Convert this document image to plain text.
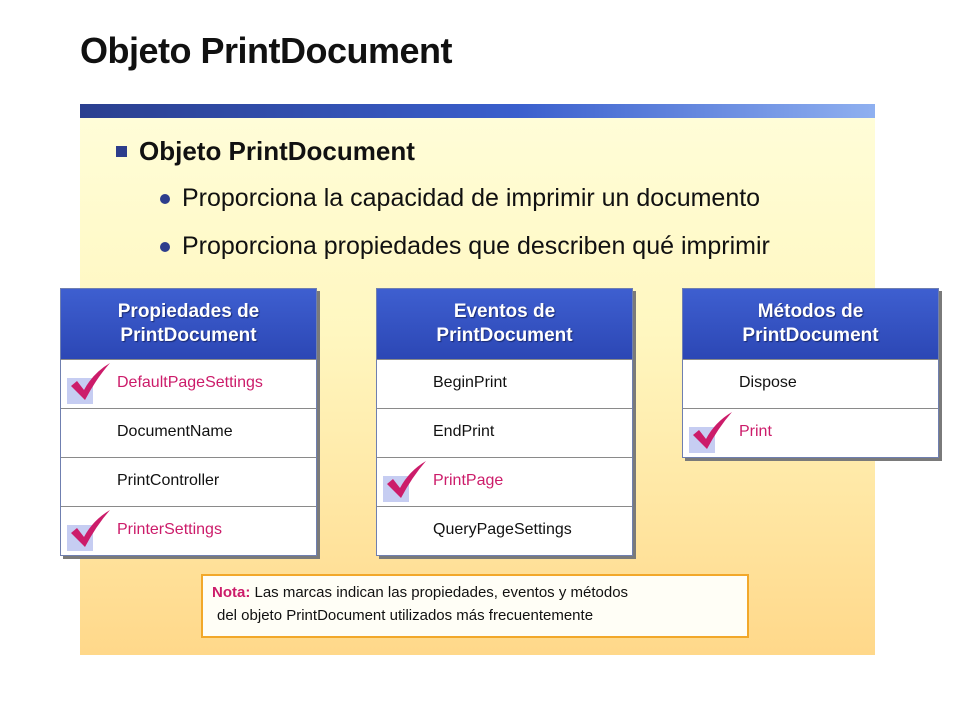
Objeto PrintDocument
Objeto PrintDocument
Proporciona la capacidad de imprimir un documento
Proporciona propiedades que describen qué imprimir
Propiedades de
PrintDocument
DefaultPageSettings
DocumentName
PrintController
PrinterSettings
Eventos de
PrintDocument
BeginPrint
EndPrint
PrintPage
QueryPageSettings
Métodos de
PrintDocument
Dispose
Print
Nota: Las marcas indican las propiedades, eventos y métodos
del objeto PrintDocument utilizados más frecuentemente
